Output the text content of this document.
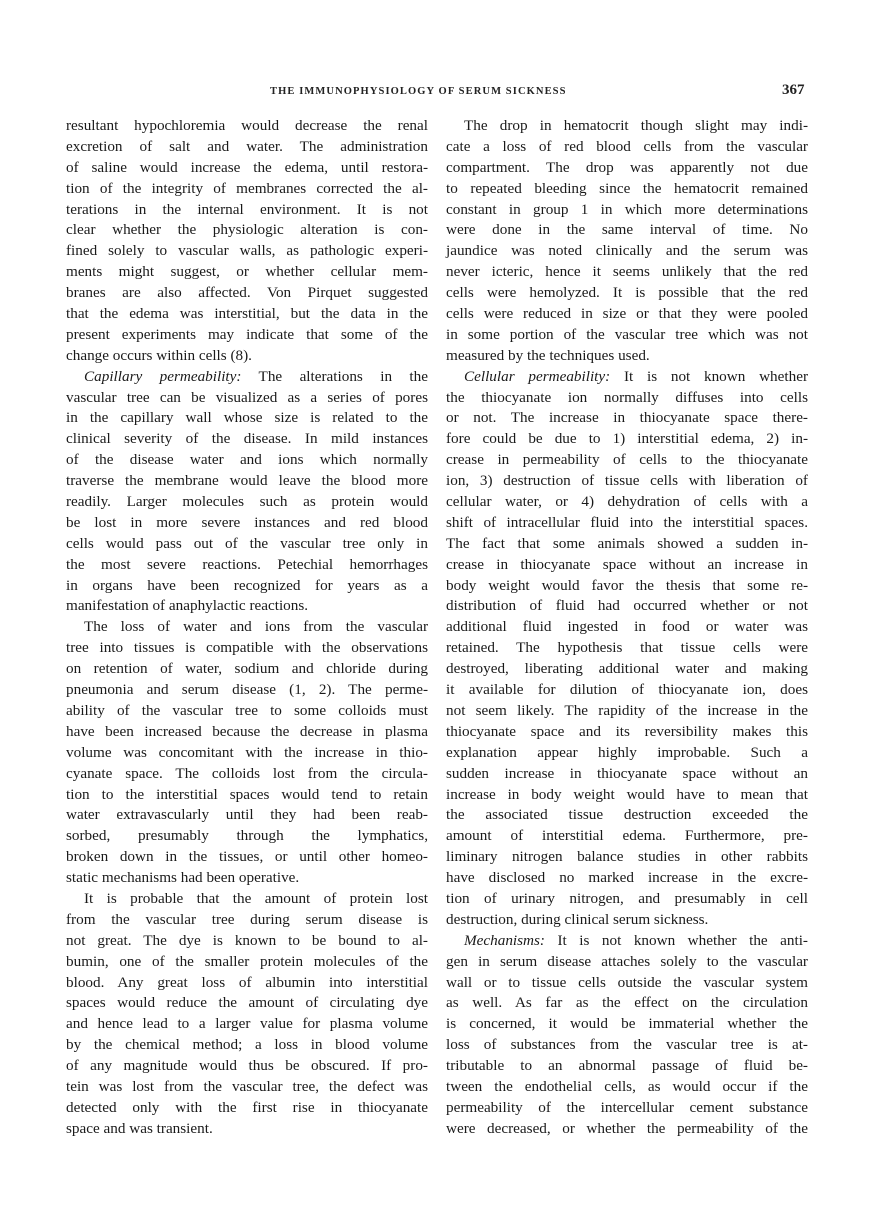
THE IMMUNOPHYSIOLOGY OF SERUM SICKNESS	367
resultant hypochloremia would decrease the renal
excretion of salt and water. The administration
of saline would increase the edema, until restora-
tion of the integrity of membranes corrected the al-
terations in the internal environment. It is not
clear whether the physiologic alteration is con-
fined solely to vascular walls, as pathologic experi-
ments might suggest, or whether cellular mem-
branes are also affected. Von Pirquet suggested
that the edema was interstitial, but the data in the
present experiments may indicate that some of the
change occurs within cells (8).
Capillary permeability: The alterations in the
vascular tree can be visualized as a series of pores
in the capillary wall whose size is related to the
clinical severity of the disease. In mild instances
of the disease water and ions which normally
traverse the membrane would leave the blood more
readily. Larger molecules such as protein would
be lost in more severe instances and red blood
cells would pass out of the vascular tree only in
the most severe reactions. Petechial hemorrhages
in organs have been recognized for years as a
manifestation of anaphylactic reactions.
The loss of water and ions from the vascular
tree into tissues is compatible with the observations
on retention of water, sodium and chloride during
pneumonia and serum disease (1, 2). The perme-
ability of the vascular tree to some colloids must
have been increased because the decrease in plasma
volume was concomitant with the increase in thio-
cyanate space. The colloids lost from the circula-
tion to the interstitial spaces would tend to retain
water extravascularly until they had been reab-
sorbed, presumably through the lymphatics,
broken down in the tissues, or until other homeo-
static mechanisms had been operative.
It is probable that the amount of protein lost
from the vascular tree during serum disease is
not great. The dye is known to be bound to al-
bumin, one of the smaller protein molecules of the
blood. Any great loss of albumin into interstitial
spaces would reduce the amount of circulating dye
and hence lead to a larger value for plasma volume
by the chemical method; a loss in blood volume
of any magnitude would thus be obscured. If pro-
tein was lost from the vascular tree, the defect was
detected only with the first rise in thiocyanate
space and was transient.
The drop in hematocrit though slight may indi-
cate a loss of red blood cells from the vascular
compartment. The drop was apparently not due
to repeated bleeding since the hematocrit remained
constant in group 1 in which more determinations
were done in the same interval of time. No
jaundice was noted clinically and the serum was
never icteric, hence it seems unlikely that the red
cells were hemolyzed. It is possible that the red
cells were reduced in size or that they were pooled
in some portion of the vascular tree which was not
measured by the techniques used.
Cellular permeability: It is not known whether
the thiocyanate ion normally diffuses into cells
or not. The increase in thiocyanate space there-
fore could be due to 1) interstitial edema, 2) in-
crease in permeability of cells to the thiocyanate
ion, 3) destruction of tissue cells with liberation of
cellular water, or 4) dehydration of cells with a
shift of intracellular fluid into the interstitial spaces.
The fact that some animals showed a sudden in-
crease in thiocyanate space without an increase in
body weight would favor the thesis that some re-
distribution of fluid had occurred whether or not
additional fluid ingested in food or water was
retained. The hypothesis that tissue cells were
destroyed, liberating additional water and making
it available for dilution of thiocyanate ion, does
not seem likely. The rapidity of the increase in the
thiocyanate space and its reversibility makes this
explanation appear highly improbable. Such a
sudden increase in thiocyanate space without an
increase in body weight would have to mean that
the associated tissue destruction exceeded the
amount of interstitial edema. Furthermore, pre-
liminary nitrogen balance studies in other rabbits
have disclosed no marked increase in the excre-
tion of urinary nitrogen, and presumably in cell
destruction, during clinical serum sickness.
Mechanisms: It is not known whether the anti-
gen in serum disease attaches solely to the vascular
wall or to tissue cells outside the vascular system
as well. As far as the effect on the circulation
is concerned, it would be immaterial whether the
loss of substances from the vascular tree is at-
tributable to an abnormal passage of fluid be-
tween the endothelial cells, as would occur if the
permeability of the intercellular cement substance
were decreased, or whether the permeability of the
